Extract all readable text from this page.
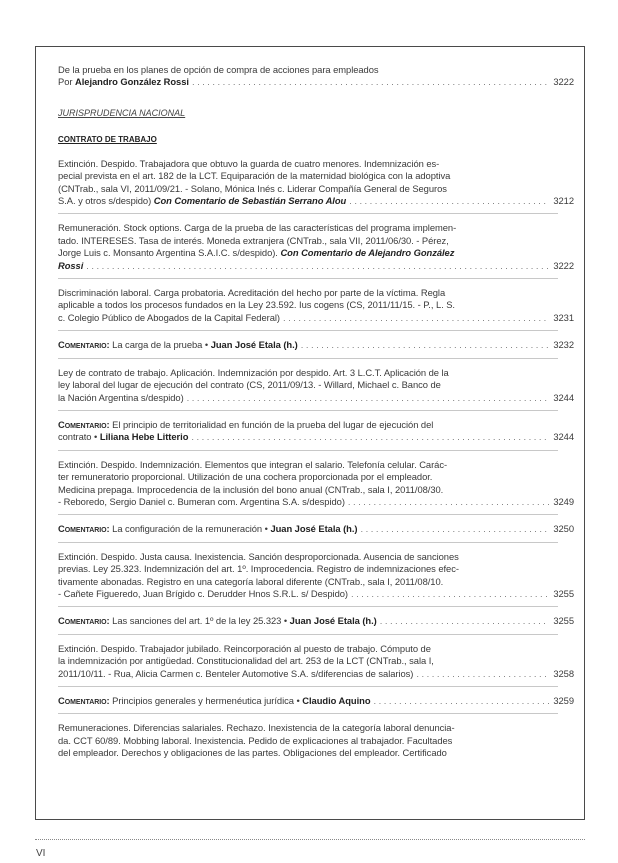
De la prueba en los planes de opción de compra de acciones para empleados
Por Alejandro González Rossi . . .	3222
JURISPRUDENCIA NACIONAL
CONTRATO DE TRABAJO
Extinción. Despido. Trabajadora que obtuvo la guarda de cuatro menores. Indemnización es-
pecial prevista en el art. 182 de la LCT. Equiparación de la maternidad biológica con la adoptiva
(CNTrab., sala VI, 2011/09/21. - Solano, Mónica Inés c. Liderar Compañía General de Seguros
S.A. y otros s/despido) Con Comentario de Sebastián Serrano Alou . . .	3212
Remuneración. Stock options. Carga de la prueba de las características del programa implemen-
tado. INTERESES. Tasa de interés. Moneda extranjera (CNTrab., sala VII, 2011/06/30. - Pérez,
Jorge Luis c. Monsanto Argentina S.A.I.C. s/despido). Con Comentario de Alejandro González
Rossi . . .	3222
Discriminación laboral. Carga probatoria. Acreditación del hecho por parte de la víctima. Regla
aplicable a todos los procesos fundados en la Ley 23.592. Ius cogens (CS, 2011/11/15. - P., L. S.
c. Colegio Público de Abogados de la Capital Federal) . . .	3231
Comentario: La carga de la prueba • Juan José Etala (h.) . . .	3232
Ley de contrato de trabajo. Aplicación. Indemnización por despido. Art. 3 L.C.T. Aplicación de la
ley laboral del lugar de ejecución del contrato (CS, 2011/09/13. - Willard, Michael c. Banco de
la Nación Argentina s/despido) . . .	3244
Comentario: El principio de territorialidad en función de la prueba del lugar de ejecución del
contrato • Liliana Hebe Litterio . . .	3244
Extinción. Despido. Indemnización. Elementos que integran el salario. Telefonía celular. Carác-
ter remuneratorio proporcional. Utilización de una cochera proporcionada por el empleador.
Medicina prepaga. Improcedencia de la inclusión del bono anual (CNTrab., sala I, 2011/08/30.
- Reboredo, Sergio Daniel c. Bumeran com. Argentina S.A. s/despido) . . .	3249
Comentario: La configuración de la remuneración • Juan José Etala (h.) . . .	3250
Extinción. Despido. Justa causa. Inexistencia. Sanción desproporcionada. Ausencia de sanciones
previas. Ley 25.323. Indemnización del art. 1º. Improcedencia. Registro de indemnizaciones efec-
tivamente abonadas. Registro en una categoría laboral diferente (CNTrab., sala I, 2011/08/10.
- Cañete Figueredo, Juan Brígido c. Derudder Hnos S.R.L. s/ Despido) . . .	3255
Comentario: Las sanciones del art. 1º de la ley 25.323 • Juan José Etala (h.) . . .	3255
Extinción. Despido. Trabajador jubilado. Reincorporación al puesto de trabajo. Cómputo de
la indemnización por antigüedad. Constitucionalidad del art. 253 de la LCT (CNTrab., sala I,
2011/10/11. - Rua, Alicia Carmen c. Benteler Automotive S.A. s/diferencias de salarios) . . .	3258
Comentario: Principios generales y hermenéutica jurídica • Claudio Aquino . . .	3259
Remuneraciones. Diferencias salariales. Rechazo. Inexistencia de la categoría laboral denuncia-
da. CCT 60/89. Mobbing laboral. Inexistencia. Pedido de explicaciones al trabajador. Facultades
del empleador. Derechos y obligaciones de las partes. Obligaciones del empleador. Certificado
VI
